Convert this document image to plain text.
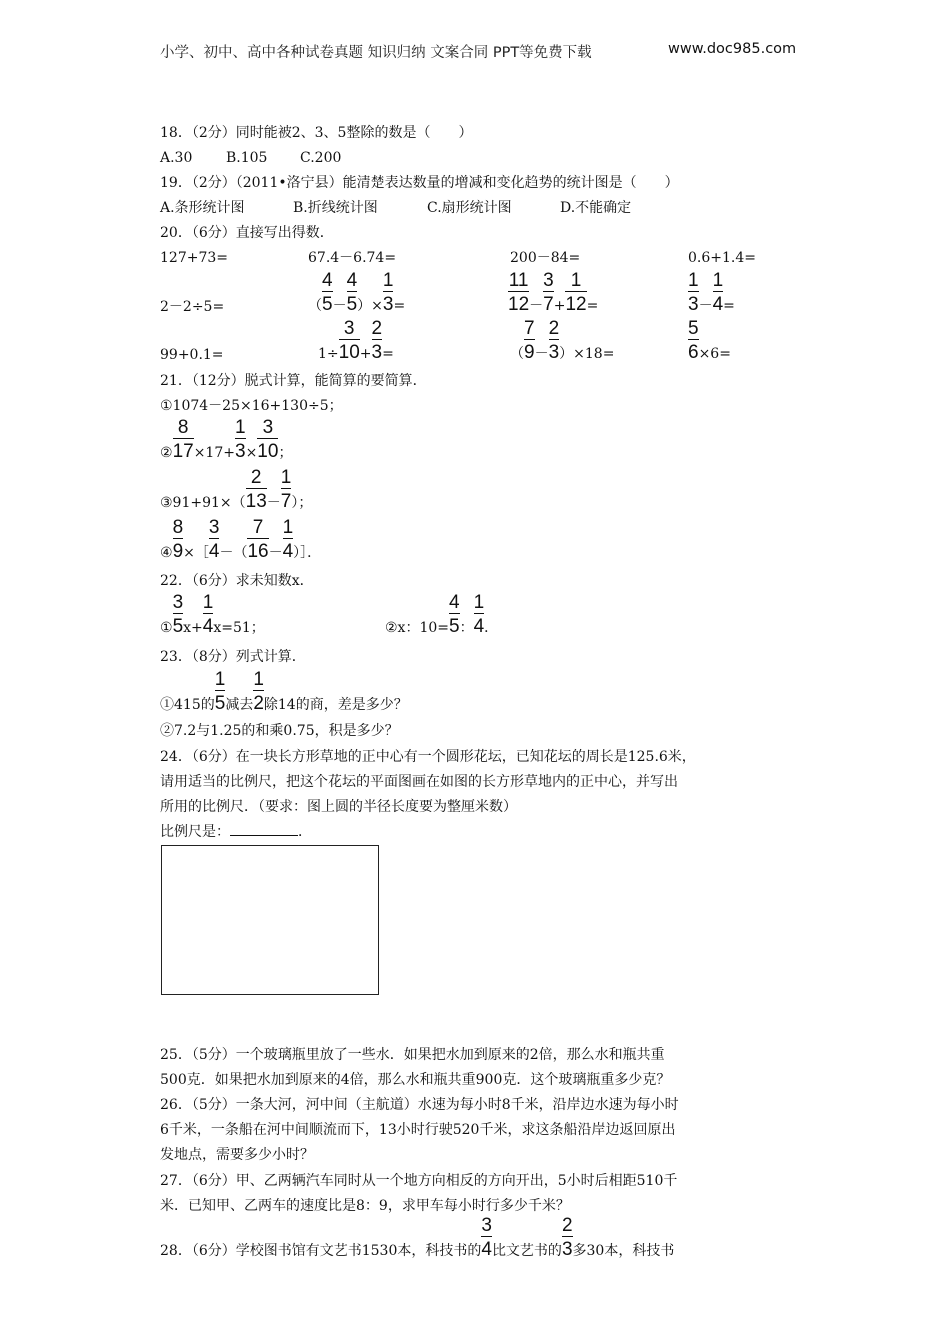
小学、初中、高中各种试卷真题 知识归纳 文案合同 PPT等免费下载	www.doc985.com
18．（2分）同时能被2、3、5整除的数是（　　）
A.30 B.105 C.200
19．（2分）（2011•洛宁县）能清楚表达数量的增减和变化趋势的统计图是（　　）
A.条形统计图	B.折线统计图	C.扇形统计图	D.不能确定
20．（6分）直接写出得数．
127+73=	67.4－6.74=	200－84=	0.6+1.4=
2－2÷5=	（ $\frac{4}{5}- \frac{4}{5})\times \frac{1}{3}=$	$\frac{11}{12}- \frac{3}{7}+ \frac{1}{12}=$	$\frac{1}{3}- \frac{1}{4}=$
99+0.1=	$1\div \frac{3}{10}+ \frac{2}{3}=$	（ $\frac{7}{9}- \frac{2}{3})\times 18=$	$\frac{5}{6}\times 6=$
21．（12分）脱式计算，能简算的要简算．
①1074－25×16+130÷5；
② $\frac{8}{17}\times 17+ \frac{1}{3}\times \frac{3}{10}$；
③91+91×（ $\frac{2}{13}- \frac{1}{7}$）；
④ $\frac{8}{9}\times[ \frac{3}{4}-( \frac{7}{16}-$ $\frac{1}{4})]$．
22．（6分）求未知数x．
① $\frac{3}{5}x+ \frac{1}{4}x=51$；	②x：$10= \frac{4}{5}$： $\frac{1}{4}$．
23．（8分）列式计算．
①415的 $\frac{1}{5}$减去 $\frac{1}{2}$除14的商，差是多少？
②7.2与1.25的和乘0.75，积是多少？
24．（6分）在一块长方形草地的正中心有一个圆形花坛，已知花坛的周长是125.6米，
请用适当的比例尺，把这个花坛的平面图画在如图的长方形草地内的正中心，并写出
所用的比例尺．（要求：图上圆的半径长度要为整厘米数）
比例尺是：	．
25．（5分）一个玻璃瓶里放了一些水．如果把水加到原来的2倍，那么水和瓶共重
500克．如果把水加到原来的4倍，那么水和瓶共重900克．这个玻璃瓶重多少克？
26．（5分）一条大河，河中间（主航道）水速为每小时8千米，沿岸边水速为每小时
6千米，一条船在河中间顺流而下，13小时行驶520千米，求这条船沿岸边返回原出
发地点，需要多少小时？
27．（6分）甲、乙两辆汽车同时从一个地方向相反的方向开出，5小时后相距510千
米．已知甲、乙两车的速度比是8：9，求甲车每小时行多少千米？
28．（6分）学校图书馆有文艺书1530本，科技书的 $\frac{3}{4}$比文艺书的 $\frac{2}{3}$多30本，科技书
